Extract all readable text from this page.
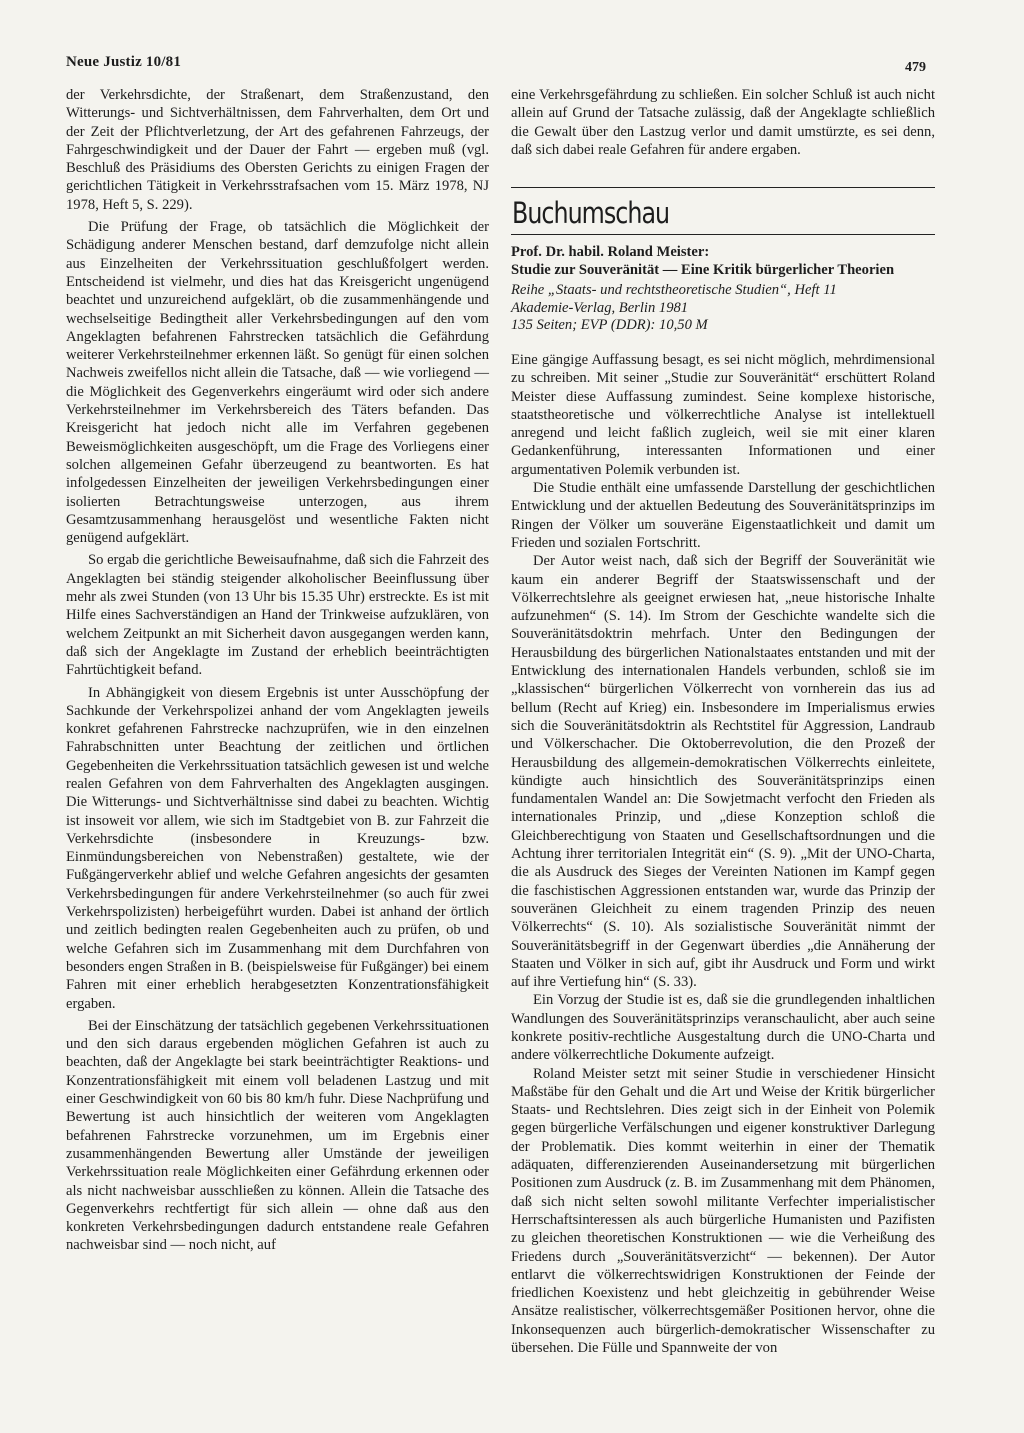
Neue Justiz 10/81	479

der Verkehrsdichte, der Straßenart, dem Straßenzustand, den Witterungs- und Sichtverhältnissen, dem Fahrverhalten, dem Ort und der Zeit der Pflichtverletzung, der Art des gefahrenen Fahrzeugs, der Fahrgeschwindigkeit und der Dauer der Fahrt — ergeben muß (vgl. Beschluß des Präsidiums des Obersten Gerichts zu einigen Fragen der gerichtlichen Tätigkeit in Verkehrsstrafsachen vom 15. März 1978, NJ 1978, Heft 5, S. 229).

Die Prüfung der Frage, ob tatsächlich die Möglichkeit der Schädigung anderer Menschen bestand, darf demzufolge nicht allein aus Einzelheiten der Verkehrssituation geschlußfolgert werden. Entscheidend ist vielmehr, und dies hat das Kreisgericht ungenügend beachtet und unzureichend aufgeklärt, ob die zusammenhängende und wechselseitige Bedingtheit aller Verkehrsbedingungen auf den vom Angeklagten befahrenen Fahrstrecken tatsächlich die Gefährdung weiterer Verkehrsteilnehmer erkennen läßt. So genügt für einen solchen Nachweis zweifellos nicht allein die Tatsache, daß — wie vorliegend — die Möglichkeit des Gegenverkehrs eingeräumt wird oder sich andere Verkehrsteilnehmer im Verkehrsbereich des Täters befanden. Das Kreisgericht hat jedoch nicht alle im Verfahren gegebenen Beweismöglichkeiten ausgeschöpft, um die Frage des Vorliegens einer solchen allgemeinen Gefahr überzeugend zu beantworten. Es hat infolgedessen Einzelheiten der jeweiligen Verkehrsbedingungen einer isolierten Betrachtungsweise unterzogen, aus ihrem Gesamtzusammenhang herausgelöst und wesentliche Fakten nicht genügend aufgeklärt.

So ergab die gerichtliche Beweisaufnahme, daß sich die Fahrzeit des Angeklagten bei ständig steigender alkoholischer Beeinflussung über mehr als zwei Stunden (von 13 Uhr bis 15.35 Uhr) erstreckte. Es ist mit Hilfe eines Sachverständigen an Hand der Trinkweise aufzuklären, von welchem Zeitpunkt an mit Sicherheit davon ausgegangen werden kann, daß sich der Angeklagte im Zustand der erheblich beeinträchtigten Fahrtüchtigkeit befand.

In Abhängigkeit von diesem Ergebnis ist unter Ausschöpfung der Sachkunde der Verkehrspolizei anhand der vom Angeklagten jeweils konkret gefahrenen Fahrstrecke nachzuprüfen, wie in den einzelnen Fahrabschnitten unter Beachtung der zeitlichen und örtlichen Gegebenheiten die Verkehrssituation tatsächlich gewesen ist und welche realen Gefahren von dem Fahrverhalten des Angeklagten ausgingen. Die Witterungs- und Sichtverhältnisse sind dabei zu beachten. Wichtig ist insoweit vor allem, wie sich im Stadtgebiet von B. zur Fahrzeit die Verkehrsdichte (insbesondere in Kreuzungs- bzw. Einmündungsbereichen von Nebenstraßen) gestaltete, wie der Fußgängerverkehr ablief und welche Gefahren angesichts der gesamten Verkehrsbedingungen für andere Verkehrsteilnehmer (so auch für zwei Verkehrspolizisten) herbeigeführt wurden. Dabei ist anhand der örtlich und zeitlich bedingten realen Gegebenheiten auch zu prüfen, ob und welche Gefahren sich im Zusammenhang mit dem Durchfahren von besonders engen Straßen in B. (beispielsweise für Fußgänger) bei einem Fahren mit einer erheblich herabgesetzten Konzentrationsfähigkeit ergaben.

Bei der Einschätzung der tatsächlich gegebenen Verkehrssituationen und den sich daraus ergebenden möglichen Gefahren ist auch zu beachten, daß der Angeklagte bei stark beeinträchtigter Reaktions- und Konzentrationsfähigkeit mit einem voll beladenen Lastzug und mit einer Geschwindigkeit von 60 bis 80 km/h fuhr. Diese Nachprüfung und Bewertung ist auch hinsichtlich der weiteren vom Angeklagten befahrenen Fahrstrecke vorzunehmen, um im Ergebnis einer zusammenhängenden Bewertung aller Umstände der jeweiligen Verkehrssituation reale Möglichkeiten einer Gefährdung erkennen oder als nicht nachweisbar ausschließen zu können. Allein die Tatsache des Gegenverkehrs rechtfertigt für sich allein — ohne daß aus den konkreten Verkehrsbedingungen dadurch entstandene reale Gefahren nachweisbar sind — noch nicht, auf

eine Verkehrsgefährdung zu schließen. Ein solcher Schluß ist auch nicht allein auf Grund der Tatsache zulässig, daß der Angeklagte schließlich die Gewalt über den Lastzug verlor und damit umstürzte, es sei denn, daß sich dabei reale Gefahren für andere ergaben.

Buchumschau
Prof. Dr. habil. Roland Meister:
Studie zur Souveränität — Eine Kritik bürgerlicher Theorien
Reihe „Staats- und rechtstheoretische Studien“, Heft 11
Akademie-Verlag, Berlin 1981
135 Seiten; EVP (DDR): 10,50 M

Eine gängige Auffassung besagt, es sei nicht möglich, mehrdimensional zu schreiben. Mit seiner „Studie zur Souveränität“ erschüttert Roland Meister diese Auffassung zumindest. Seine komplexe historische, staatstheoretische und völkerrechtliche Analyse ist intellektuell anregend und leicht faßlich zugleich, weil sie mit einer klaren Gedankenführung, interessanten Informationen und einer argumentativen Polemik verbunden ist.

Die Studie enthält eine umfassende Darstellung der geschichtlichen Entwicklung und der aktuellen Bedeutung des Souveränitätsprinzips im Ringen der Völker um souveräne Eigenstaatlichkeit und damit um Frieden und sozialen Fortschritt.

Der Autor weist nach, daß sich der Begriff der Souveränität wie kaum ein anderer Begriff der Staatswissenschaft und der Völkerrechtslehre als geeignet erwiesen hat, „neue historische Inhalte aufzunehmen“ (S. 14). Im Strom der Geschichte wandelte sich die Souveränitätsdoktrin mehrfach. Unter den Bedingungen der Herausbildung des bürgerlichen Nationalstaates entstanden und mit der Entwicklung des internationalen Handels verbunden, schloß sie im „klassischen“ bürgerlichen Völkerrecht von vornherein das ius ad bellum (Recht auf Krieg) ein. Insbesondere im Imperialismus erwies sich die Souveränitätsdoktrin als Rechtstitel für Aggression, Landraub und Völkerschacher. Die Oktoberrevolution, die den Prozeß der Herausbildung des allgemein-demokratischen Völkerrechts einleitete, kündigte auch hinsichtlich des Souveränitätsprinzips einen fundamentalen Wandel an: Die Sowjetmacht verfocht den Frieden als internationales Prinzip, und „diese Konzeption schloß die Gleichberechtigung von Staaten und Gesellschaftsordnungen und die Achtung ihrer territorialen Integrität ein“ (S. 9). „Mit der UNO-Charta, die als Ausdruck des Sieges der Vereinten Nationen im Kampf gegen die faschistischen Aggressionen entstanden war, wurde das Prinzip der souveränen Gleichheit zu einem tragenden Prinzip des neuen Völkerrechts“ (S. 10). Als sozialistische Souveränität nimmt der Souveränitätsbegriff in der Gegenwart überdies „die Annäherung der Staaten und Völker in sich auf, gibt ihr Ausdruck und Form und wirkt auf ihre Vertiefung hin“ (S. 33).

Ein Vorzug der Studie ist es, daß sie die grundlegenden inhaltlichen Wandlungen des Souveränitätsprinzips veranschaulicht, aber auch seine konkrete positiv-rechtliche Ausgestaltung durch die UNO-Charta und andere völkerrechtliche Dokumente aufzeigt.

Roland Meister setzt mit seiner Studie in verschiedener Hinsicht Maßstäbe für den Gehalt und die Art und Weise der Kritik bürgerlicher Staats- und Rechtslehren. Dies zeigt sich in der Einheit von Polemik gegen bürgerliche Verfälschungen und eigener konstruktiver Darlegung der Problematik. Dies kommt weiterhin in einer der Thematik adäquaten, differenzierenden Auseinandersetzung mit bürgerlichen Positionen zum Ausdruck (z. B. im Zusammenhang mit dem Phänomen, daß sich nicht selten sowohl militante Verfechter imperialistischer Herrschaftsinteressen als auch bürgerliche Humanisten und Pazifisten zu gleichen theoretischen Konstruktionen — wie die Verheißung des Friedens durch „Souveränitätsverzicht“ — bekennen). Der Autor entlarvt die völkerrechtswidrigen Konstruktionen der Feinde der friedlichen Koexistenz und hebt gleichzeitig in gebührender Weise Ansätze realistischer, völkerrechtsgemäßer Positionen hervor, ohne die Inkonsequenzen auch bürgerlich-demokratischer Wissenschafter zu übersehen. Die Fülle und Spannweite der von
